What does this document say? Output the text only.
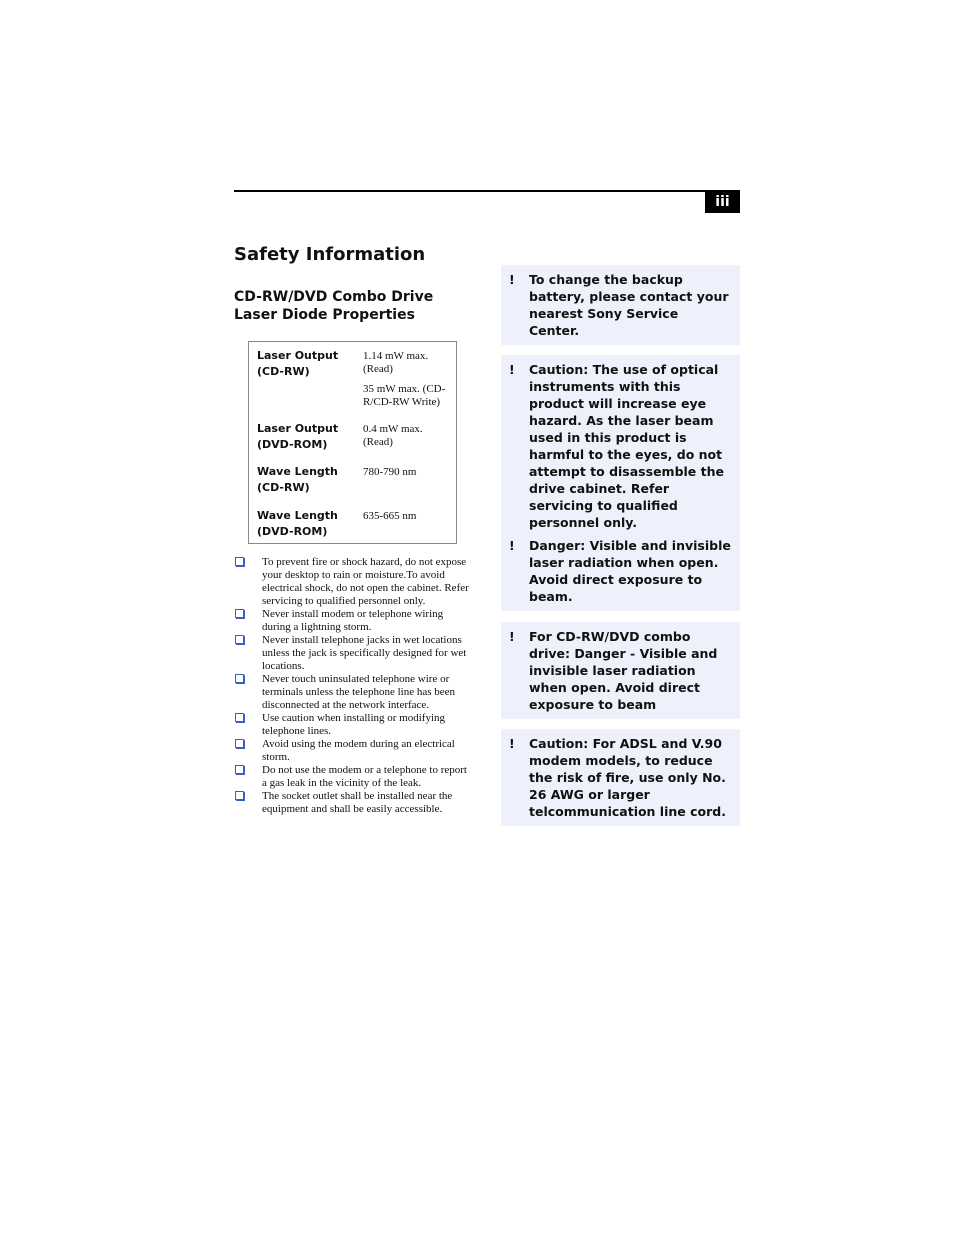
iii
Safety Information
CD-RW/DVD Combo Drive Laser Diode Properties
Laser Output (CD-RW)
1.14 mW max. (Read)
35 mW max. (CD-R/CD-RW Write)
Laser Output (DVD-ROM)
0.4 mW max. (Read)
Wave Length (CD-RW)
780-790 nm
Wave Length (DVD-ROM)
635-665 nm
To prevent fire or shock hazard, do not expose your desktop to rain or moisture.To avoid electrical shock, do not open the cabinet. Refer servicing to qualified personnel only.
Never install modem or telephone wiring during a lightning storm.
Never install telephone jacks in wet locations unless the jack is specifically designed for wet locations.
Never touch uninsulated telephone wire or terminals unless the telephone line has been disconnected at the network interface.
Use caution when installing or modifying telephone lines.
Avoid using the modem during an electrical storm.
Do not use the modem or a telephone to report a gas leak in the vicinity of the leak.
The socket outlet shall be installed near the equipment and shall be easily accessible.
! To change the backup battery, please contact your nearest Sony Service Center.
! Caution: The use of optical instruments with this product will increase eye hazard. As the laser beam used in this product is harmful to the eyes, do not attempt to disassemble the drive cabinet. Refer servicing to qualified personnel only.
! Danger: Visible and invisible laser radiation when open. Avoid direct exposure to beam.
! For CD-RW/DVD combo drive: Danger - Visible and invisible laser radiation when open. Avoid direct exposure to beam
! Caution: For ADSL and V.90 modem models, to reduce the risk of fire, use only No. 26 AWG or larger telcommunication line cord.
